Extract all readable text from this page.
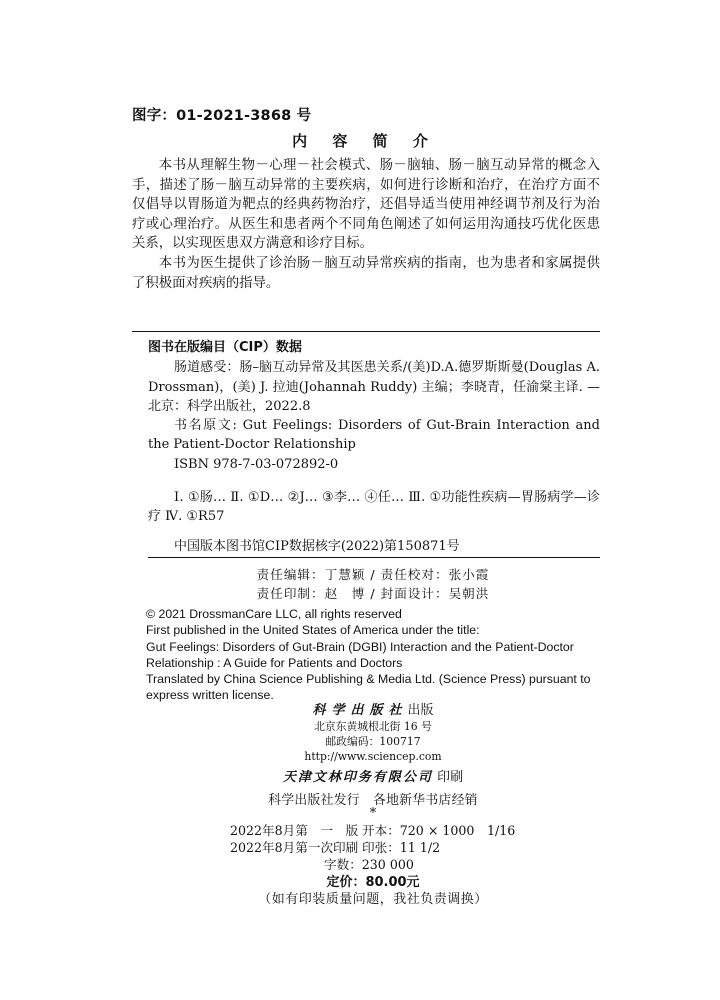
图字：01-2021-3868 号
内 容 简 介

本书从理解生物－心理－社会模式、肠－脑轴、肠－脑互动异常的概念入手，描述了肠－脑互动异常的主要疾病，如何进行诊断和治疗，在治疗方面不仅倡导以胃肠道为靶点的经典药物治疗，还倡导适当使用神经调节剂及行为治疗或心理治疗。从医生和患者两个不同角色阐述了如何运用沟通技巧优化医患关系，以实现医患双方满意和诊疗目标。

本书为医生提供了诊治肠－脑互动异常疾病的指南，也为患者和家属提供了积极面对疾病的指导。

图书在版编目（CIP）数据
肠道感受：肠–脑互动异常及其医患关系/(美)D.A.德罗斯斯曼(Douglas A. Drossman)，(美) J. 拉迪(Johannah Ruddy) 主编；李晓青，任渝棠主译. —北京：科学出版社，2022.8
书名原文: Gut Feelings: Disorders of Gut-Brain Interaction and the Patient-Doctor Relationship
ISBN 978-7-03-072892-0
Ⅰ. ①肠… Ⅱ. ①D… ②J… ③李… ④任… Ⅲ. ①功能性疾病—胃肠病学—诊疗 Ⅳ. ①R57
中国版本图书馆CIP数据核字(2022)第150871号
责任编辑：丁慧颖 / 责任校对：张小霞
责任印制：赵　博 / 封面设计：吴朝洪
© 2021 DrossmanCare LLC, all rights reserved
First published in the United States of America under the title:
Gut Feelings: Disorders of Gut-Brain (DGBI) Interaction and the Patient-Doctor Relationship : A Guide for Patients and Doctors
Translated by China Science Publishing & Media Ltd. (Science Press) pursuant to express written license.
科学出版社出版
北京东黄城根北街 16 号
邮政编码：100717
http://www.sciencep.com
天津文林印务有限公司 印刷
科学出版社发行　各地新华书店经销
*
2022年8月第　一　版 开本：720 × 1000　1/16
2022年8月第一次印刷 印张：11 1/2
字数：230 000
定价：80.00元
（如有印装质量问题，我社负责调换）
